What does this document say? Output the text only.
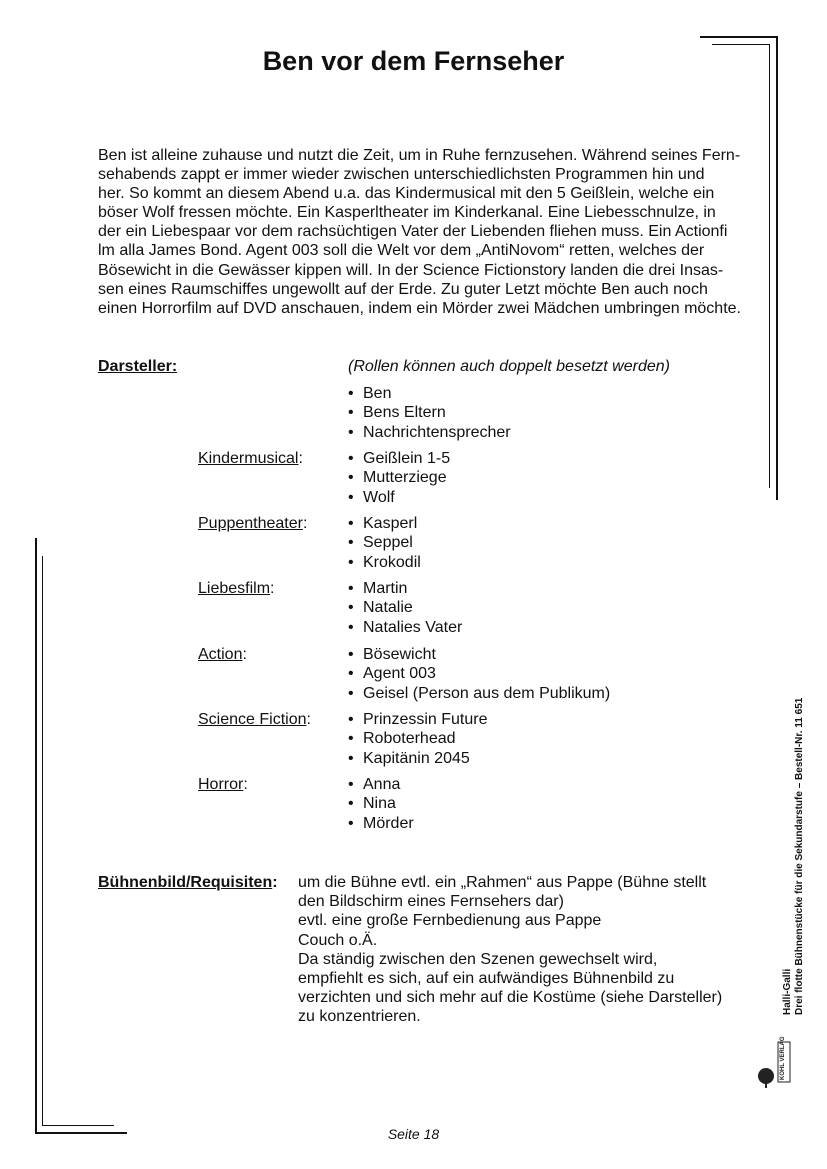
Ben vor dem Fernseher
Ben ist alleine zuhause und nutzt die Zeit, um in Ruhe fernzusehen. Während seines Fern-
sehabends zappt er immer wieder zwischen unterschiedlichsten Programmen hin und
her. So kommt an diesem Abend u.a. das Kindermusical mit den 5 Geißlein, welche ein
böser Wolf fressen möchte. Ein Kasperltheater im Kinderkanal. Eine Liebesschnulze, in
der ein Liebespaar vor dem rachsüchtigen Vater der Liebenden fliehen muss. Ein Actionfi
lm alla James Bond. Agent 003 soll die Welt vor dem „AntiNovom“ retten, welches der
Bösewicht in die Gewässer kippen will. In der Science Fictionstory landen die drei Insas-
sen eines Raumschiffes ungewollt auf der Erde. Zu guter Letzt möchte Ben auch noch
einen Horrorfilm auf DVD anschauen, indem ein Mörder zwei Mädchen umbringen möchte.
Darsteller:	(Rollen können auch doppelt besetzt werden)
• Ben
• Bens Eltern
• Nachrichtensprecher
Kindermusical:	• Geißlein 1-5
• Mutterziege
• Wolf
Puppentheater:	• Kasperl
• Seppel
• Krokodil
Liebesfilm:	• Martin
• Natalie
• Natalies Vater
Action:	• Bösewicht
• Agent 003
• Geisel (Person aus dem Publikum)
Science Fiction:	• Prinzessin Future
• Roboterhead
• Kapitänin 2045
Horror:	• Anna
• Nina
• Mörder
Bühnenbild/Requisiten: um die Bühne evtl. ein „Rahmen“ aus Pappe (Bühne stellt
den Bildschirm eines Fernsehers dar)
evtl. eine große Fernbedienung aus Pappe
Couch o.Ä.
Da ständig zwischen den Szenen gewechselt wird,
empfiehlt es sich, auf ein aufwändiges Bühnenbild zu
verzichten und sich mehr auf die Kostüme (siehe Darsteller)
zu konzentrieren.
Seite 18
Halli-Galli Drei flotte Bühnenstücke für die Sekundarstufe – Bestell-Nr. 11 651
KOHL VERLAG
